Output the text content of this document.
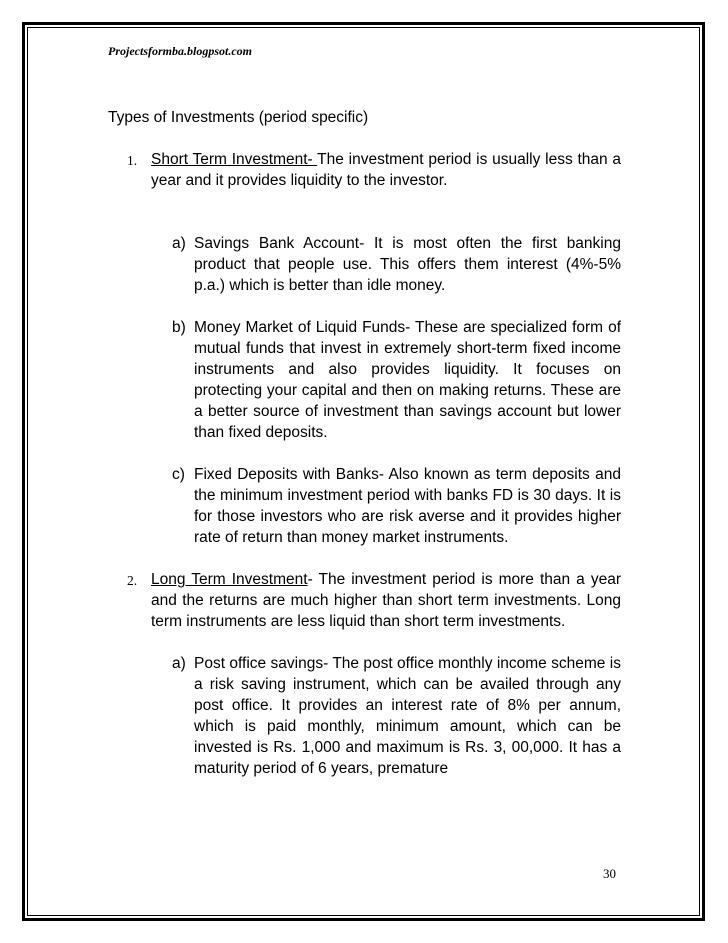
Projectsformba.blogpsot.com
Types of Investments (period specific)
1. Short Term Investment- The investment period is usually less than a year and it provides liquidity to the investor.
a) Savings Bank Account- It is most often the first banking product that people use. This offers them interest (4%-5% p.a.) which is better than idle money.
b) Money Market of Liquid Funds- These are specialized form of mutual funds that invest in extremely short-term fixed income instruments and also provides liquidity. It focuses on protecting your capital and then on making returns. These are a better source of investment than savings account but lower than fixed deposits.
c) Fixed Deposits with Banks- Also known as term deposits and the minimum investment period with banks FD is 30 days. It is for those investors who are risk averse and it provides higher rate of return than money market instruments.
2. Long Term Investment- The investment period is more than a year      and the returns are much higher than short term investments. Long term instruments are less liquid than short term investments.
a) Post office savings- The post office monthly income scheme is a risk saving instrument, which can be availed through any post office. It provides an interest rate of 8% per annum, which is paid monthly, minimum amount, which can be invested is Rs. 1,000 and maximum is Rs. 3, 00,000. It has a maturity period of 6 years, premature
30
